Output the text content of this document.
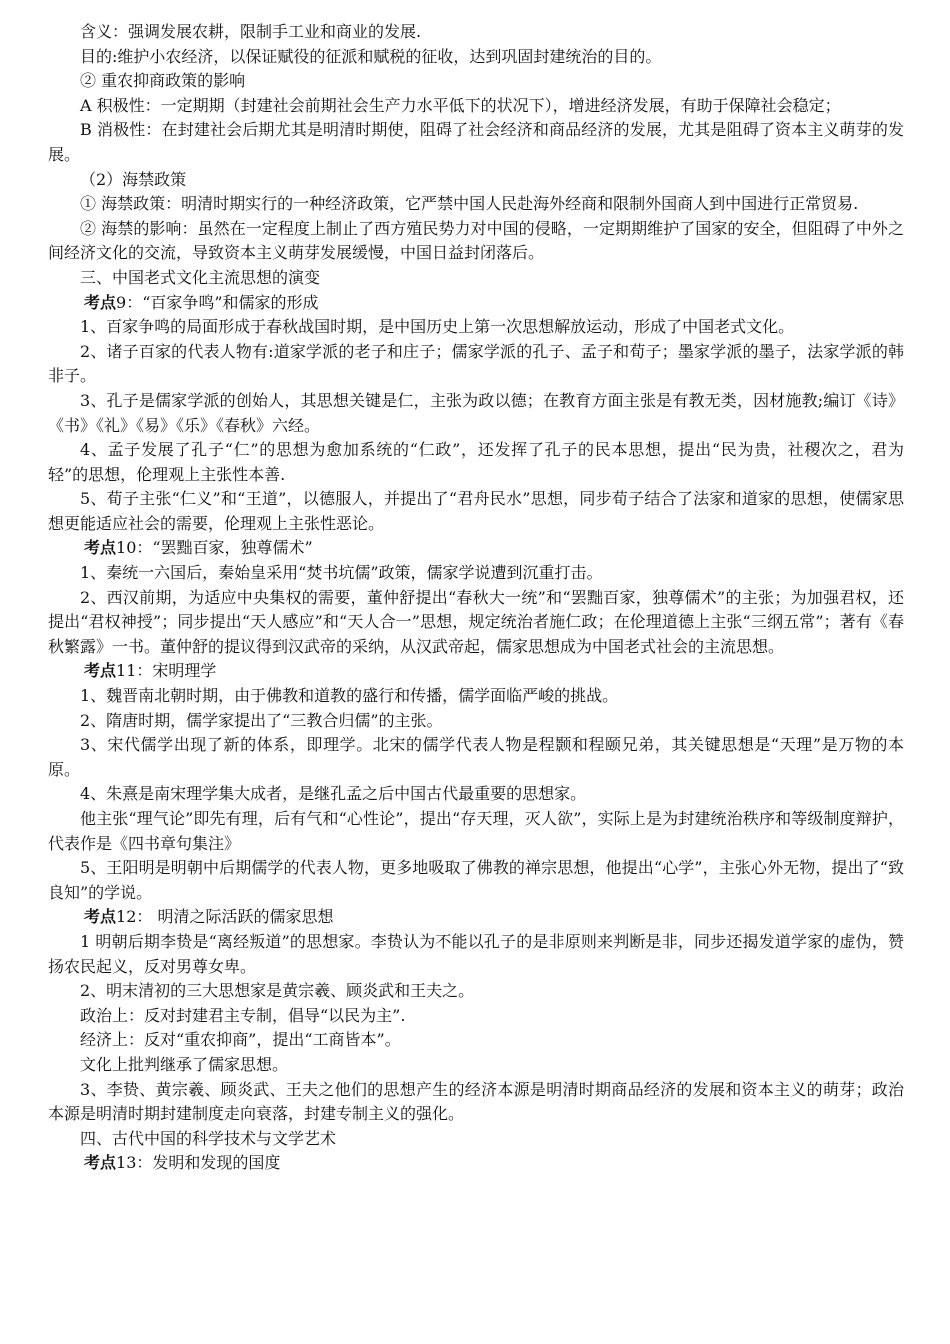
含义：强调发展农耕，限制手工业和商业的发展.

目的:维护小农经济，以保证赋役的征派和赋税的征收，达到巩固封建统治的目的。

② 重农抑商政策的影响

A 积极性：一定期期（封建社会前期社会生产力水平低下的状况下），增进经济发展，有助于保障社会稳定；

B 消极性：在封建社会后期尤其是明清时期使，阻碍了社会经济和商品经济的发展，尤其是阻碍了资本主义萌芽的发展。

（2）海禁政策

① 海禁政策：明清时期实行的一种经济政策，它严禁中国人民赴海外经商和限制外国商人到中国进行正常贸易.

② 海禁的影响：虽然在一定程度上制止了西方殖民势力对中国的侵略，一定期期维护了国家的安全，但阻碍了中外之间经济文化的交流，导致资本主义萌芽发展缓慢，中国日益封闭落后。

三、中国老式文化主流思想的演变

考点9：“百家争鸣”和儒家的形成

1、百家争鸣的局面形成于春秋战国时期，是中国历史上第一次思想解放运动，形成了中国老式文化。

2、诸子百家的代表人物有:道家学派的老子和庄子；儒家学派的孔子、孟子和荀子；墨家学派的墨子，法家学派的韩非子。

3、孔子是儒家学派的创始人，其思想关键是仁，主张为政以德；在教育方面主张是有教无类，因材施教;编订《诗》《书》《礼》《易》《乐》《春秋》六经。

4、孟子发展了孔子“仁”的思想为愈加系统的“仁政”，还发挥了孔子的民本思想，提出“民为贵，社稷次之，君为轻”的思想，伦理观上主张性本善.

5、荀子主张“仁义”和“王道”，以德服人，并提出了“君舟民水”思想，同步荀子结合了法家和道家的思想，使儒家思想更能适应社会的需要，伦理观上主张性恶论。

考点10：“罢黜百家，独尊儒术”

1、秦统一六国后，秦始皇采用“焚书坑儒”政策，儒家学说遭到沉重打击。

2、西汉前期，为适应中央集权的需要，董仲舒提出“春秋大一统”和“罢黜百家，独尊儒术”的主张；为加强君权，还提出“君权神授”；同步提出“天人感应”和“天人合一”思想，规定统治者施仁政；在伦理道德上主张“三纲五常”；著有《春秋繁露》一书。董仲舒的提议得到汉武帝的采纳，从汉武帝起，儒家思想成为中国老式社会的主流思想。

考点11：宋明理学

1、魏晋南北朝时期，由于佛教和道教的盛行和传播，儒学面临严峻的挑战。

2、隋唐时期，儒学家提出了“三教合归儒”的主张。

3、宋代儒学出现了新的体系，即理学。北宋的儒学代表人物是程颢和程颐兄弟，其关键思想是“天理”是万物的本原。

4、朱熹是南宋理学集大成者，是继孔孟之后中国古代最重要的思想家。

他主张“理气论”即先有理，后有气和“心性论”，提出“存天理，灭人欲”，实际上是为封建统治秩序和等级制度辩护，代表作是《四书章句集注》

5、王阳明是明朝中后期儒学的代表人物，更多地吸取了佛教的禅宗思想，他提出“心学”，主张心外无物，提出了“致良知”的学说。

考点12： 明清之际活跃的儒家思想

1 明朝后期李贽是“离经叛道”的思想家。李贽认为不能以孔子的是非原则来判断是非，同步还揭发道学家的虚伪，赞扬农民起义，反对男尊女卑。

2、明末清初的三大思想家是黄宗羲、顾炎武和王夫之。

政治上：反对封建君主专制，倡导“以民为主”.

经济上：反对“重农抑商”，提出“工商皆本”。

文化上批判继承了儒家思想。

3、李贽、黄宗羲、顾炎武、王夫之他们的思想产生的经济本源是明清时期商品经济的发展和资本主义的萌芽；政治本源是明清时期封建制度走向衰落，封建专制主义的强化。

四、古代中国的科学技术与文学艺术

考点13：发明和发现的国度
